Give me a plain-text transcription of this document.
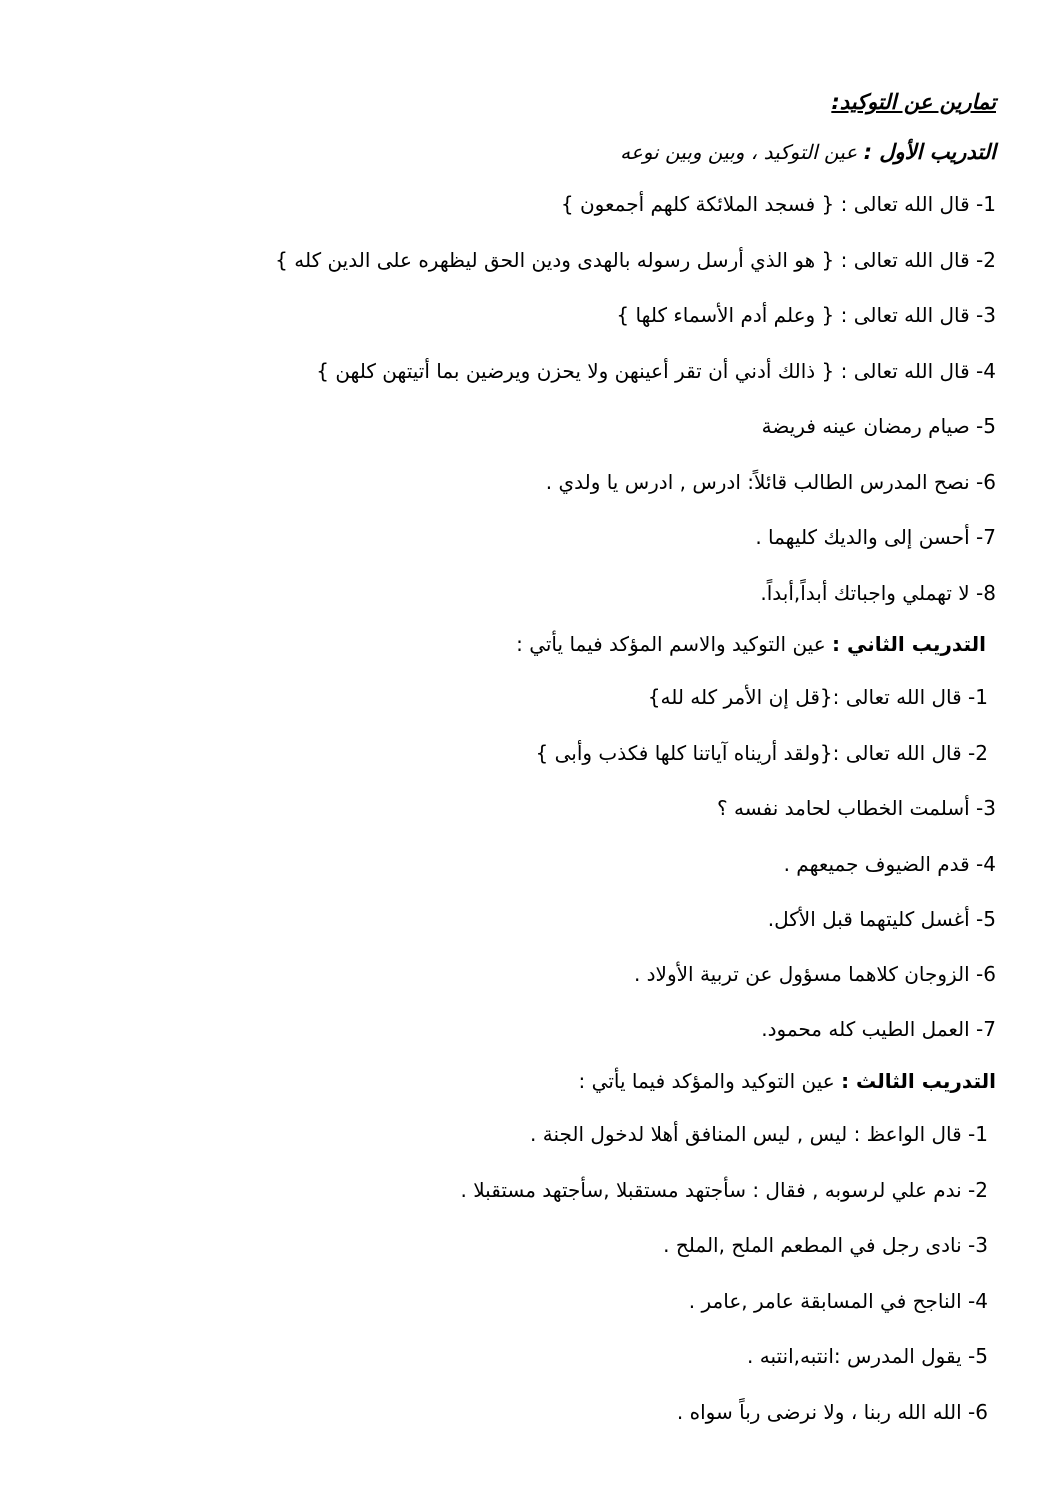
تمارين عن التوكيد:
التدريب الأول : عين التوكيد ، وبين وبين نوعه
1- قال الله تعالى : { فسجد الملائكة كلهم أجمعون }
2- قال الله تعالى : { هو الذي أرسل رسوله بالهدى ودين الحق ليظهره على الدين كله }
3- قال الله تعالى : { وعلم أدم الأسماء كلها }
4- قال الله تعالى : { ذالك أدني أن تقر أعينهن ولا يحزن ويرضين بما أتيتهن كلهن }
5- صيام رمضان عينه فريضة
6- نصح المدرس الطالب قائلاً: ادرس , ادرس يا ولدي .
7- أحسن إلى والديك كليهما .
8- لا تهملي واجباتك أبداً,أبداً.
التدريب الثاني : عين التوكيد والاسم المؤكد فيما يأتي :
1- قال الله تعالى :{قل إن الأمر كله لله}
2- قال الله تعالى :{ولقد أريناه آياتنا كلها فكذب وأبى }
3- أسلمت الخطاب لحامد نفسه ؟
4- قدم الضيوف جميعهم .
5- أغسل كليتهما قبل الأكل.
6- الزوجان كلاهما مسؤول عن تربية الأولاد .
7- العمل الطيب كله محمود.
التدريب الثالث : عين التوكيد والمؤكد فيما يأتي :
1- قال الواعظ : ليس , ليس المنافق أهلا لدخول الجنة .
2- ندم علي لرسوبه , فقال : سأجتهد مستقبلا ,سأجتهد مستقبلا .
3- نادى رجل في المطعم الملح ,الملح .
4- الناجح في المسابقة عامر ,عامر .
5- يقول المدرس :انتبه,انتبه .
6- الله الله ربنا ، ولا نرضى رباً سواه .
